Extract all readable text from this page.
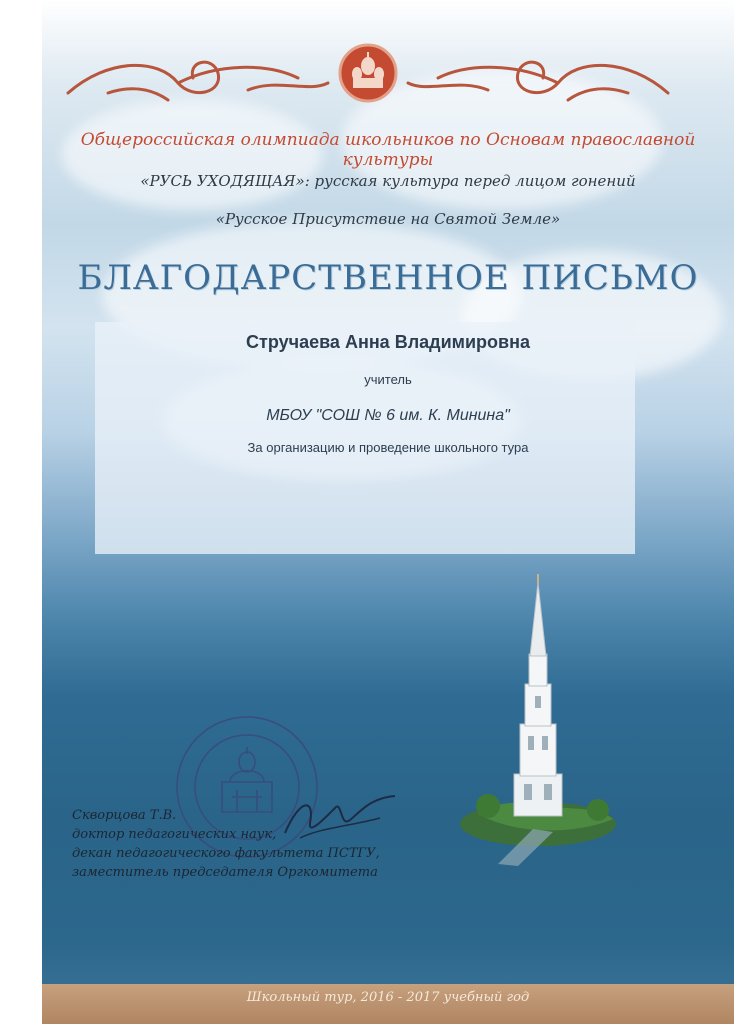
Общероссийская олимпиада школьников по Основам православной культуры
«РУСЬ УХОДЯЩАЯ»: русская культура перед лицом гонений
«Русское Присутствие на Святой Земле»
БЛАГОДАРСТВЕННОЕ ПИСЬМО
Стручаева Анна Владимировна
учитель
МБОУ "СОШ № 6 им. К. Минина"
За организацию и проведение школьного тура
Скворцова Т.В.
доктор педагогических наук,
декан педагогического факультета ПСТГУ,
заместитель председателя Оргкомитета
Школьный тур, 2016 - 2017 учебный год
